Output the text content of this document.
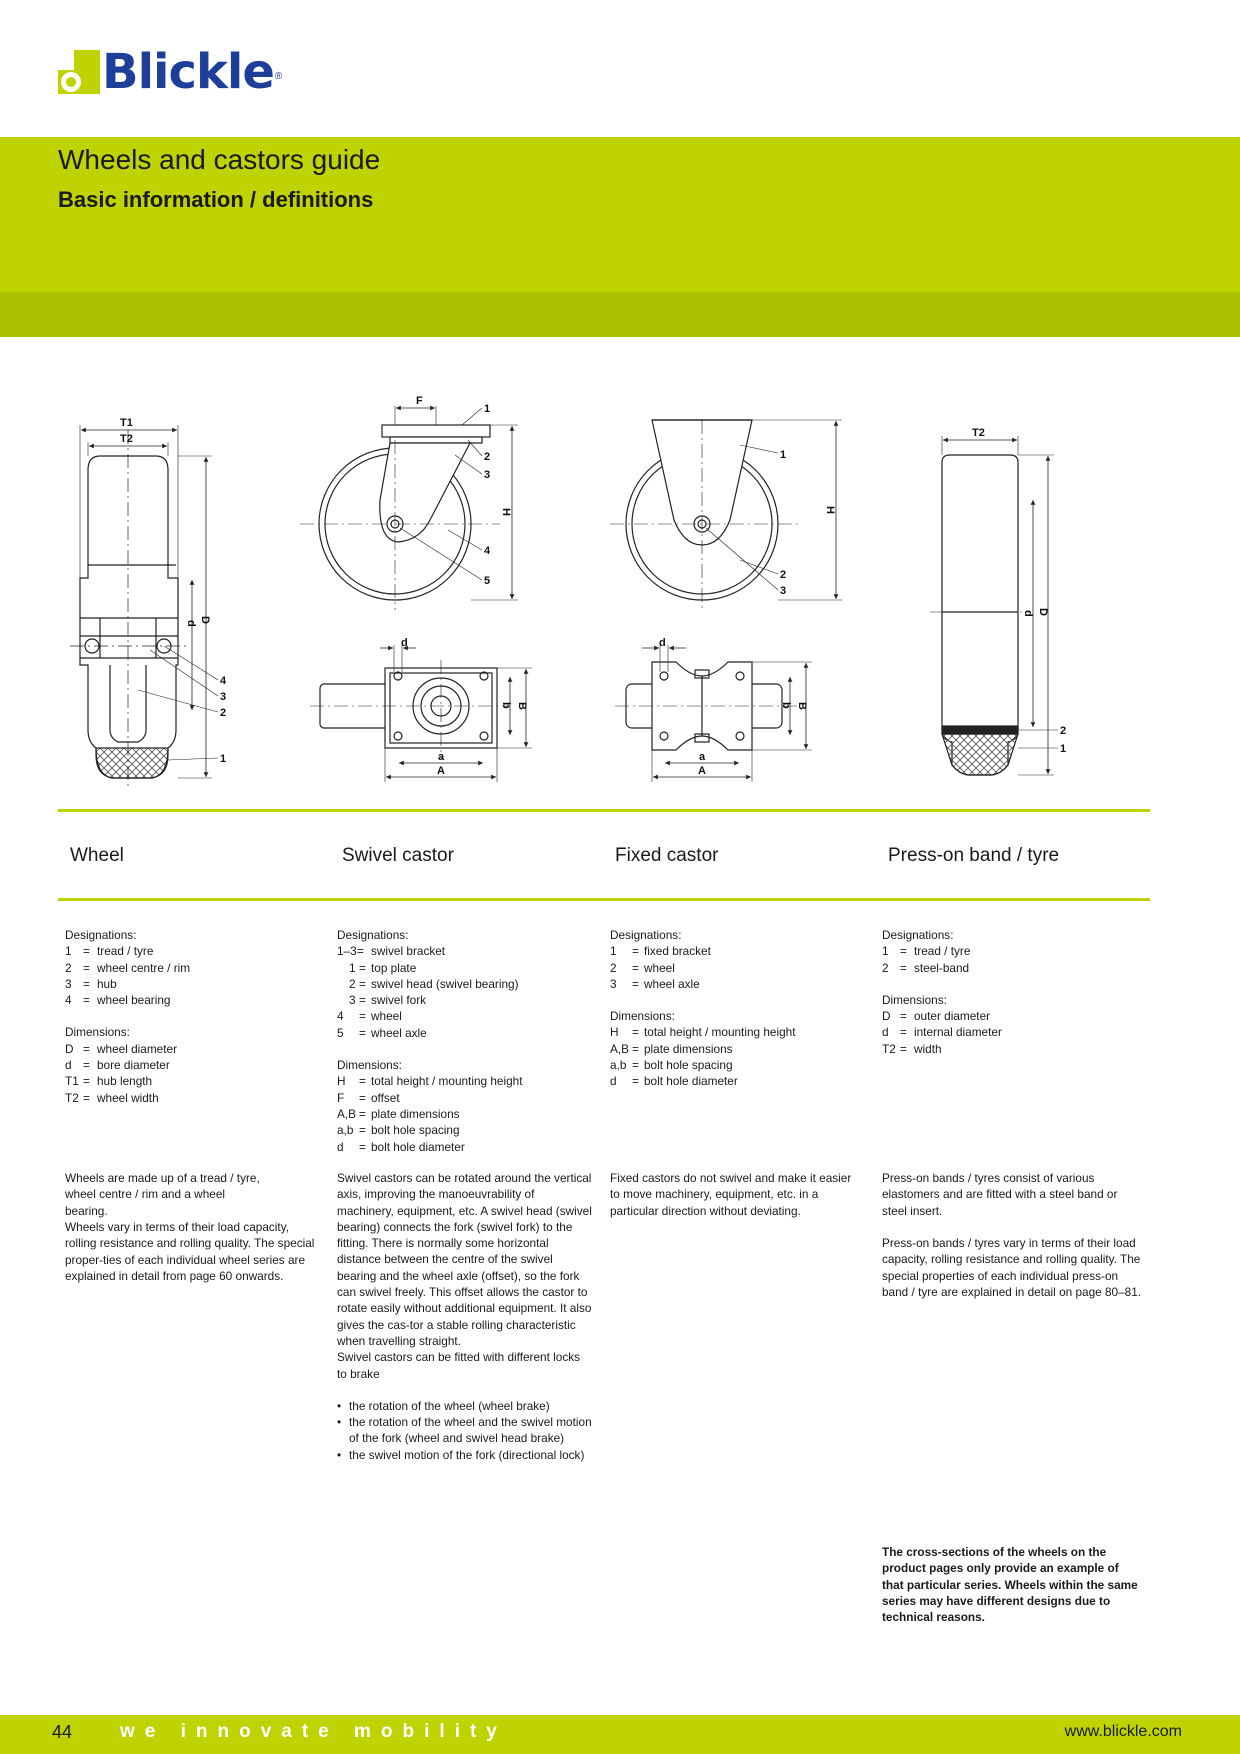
Blickle®
Wheels and castors guide
Basic information / definitions
T1
T2
d D
4
3
2
1
F
1
2
3
4
5
H
d
b B
a
A
1
2
3
H
d
b B
a
A
T2
d D
2
1
Wheel	Swivel castor	Fixed castor	Press-on band / tyre
Designations:
1 = tread / tyre
2 = wheel centre / rim
3 = hub
4 = wheel bearing
Dimensions:
D = wheel diameter
d = bore diameter
T1 = hub length
T2 = wheel width
Wheels are made up of a tread / tyre, wheel centre / rim and a wheel bearing.
Wheels vary in terms of their load capacity, rolling resistance and rolling quality. The special proper-ties of each individual wheel series are explained in detail from page 60 onwards.
Designations:
1–3 = swivel bracket
1 = top plate
2 = swivel head (swivel bearing)
3 = swivel fork
4	= wheel
5	= wheel axle
Dimensions:
H	= total height / mounting height
F	= offset
A,B = plate dimensions
a,b = bolt hole spacing
d	= bolt hole diameter
Swivel castors can be rotated around the vertical axis, improving the manoeuvrability of machinery, equipment, etc. A swivel head (swivel bearing) connects the fork (swivel fork) to the fitting. There is normally some horizontal distance between the centre of the swivel bearing and the wheel axle (offset), so the fork can swivel freely. This offset allows the castor to rotate easily without additional equipment. It also gives the cas-tor a stable rolling characteristic when travelling straight.
Swivel castors can be fitted with different locks to brake
• the rotation of the wheel (wheel brake)
• the rotation of the wheel and the swivel motion of the fork (wheel and swivel head brake)
• the swivel motion of the fork (directional lock)
Designations:
1	= fixed bracket
2	= wheel
3	= wheel axle
Dimensions:
H	= total height / mounting height
A,B = plate dimensions
a,b = bolt hole spacing
d	= bolt hole diameter
Fixed castors do not swivel and make it easier to move machinery, equipment, etc. in a particular direction without deviating.
Designations:
1 = tread / tyre
2 = steel-band
Dimensions:
D = outer diameter
d = internal diameter
T2 = width
Press-on bands / tyres consist of various elastomers and are fitted with a steel band or steel insert.
Press-on bands / tyres vary in terms of their load capacity, rolling resistance and rolling quality. The special properties of each individual press-on band / tyre are explained in detail on page 80–81.
The cross-sections of the wheels on the product pages only provide an example of that particular series. Wheels within the same series may have different designs due to technical reasons.
44	we innovate mobility	www.blickle.com
